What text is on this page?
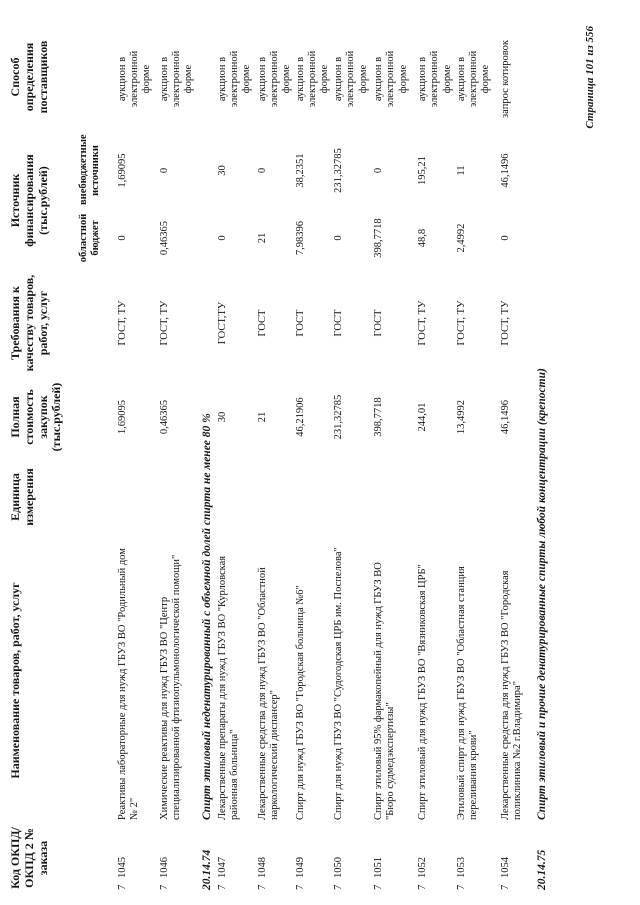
Код ОКПД/ ОКПД 2 № заказа	Наименование товаров, работ, услуг	Единица измерения	Полная стоимость закупок (тыс.рублей)	Требования к качеству товаров, работ, услуг	Источник финансирования (тыс.рублей)		Способ определения поставщиков
					областной бюджет	внебюджетные источники	
71045	Реактивы лабораторные для нужд ГБУЗ ВО "Родильный дом № 2"		1,69095	ГОСТ, ТУ	0	1,69095	аукцион в электронной форме
71046	Химические реактивы для нужд ГБУЗ ВО "Центр специализированной фтизиопульмонологической помощи"		0,46365	ГОСТ, ТУ	0,46365	0	аукцион в электронной форме
20.14.74	Спирт этиловый неденатурированный с объемной долей спирта не менее 80 %						
71047	Лекарственные препараты для нужд ГБУЗ ВО "Курловская районная больница"		30	ГОСТ,ТУ	0	30	аукцион в электронной форме
71048	Лекарственные средства для нужд ГБУЗ ВО "Областной наркологический диспансер"		21	ГОСТ	21	0	аукцион в электронной форме
71049	Спирт для нужд ГБУЗ ВО "Городская больница №6"		46,21906	ГОСТ	7,98396	38,2351	аукцион в электронной форме
71050	Спирт для нужд ГБУЗ ВО "Судогодская ЦРБ им. Поспелова"		231,32785	ГОСТ	0	231,32785	аукцион в электронной форме
71051	Спирт этиловый 95% фармакопейный для нужд ГБУЗ ВО "Бюро судмедэкспертизы"		398,7718	ГОСТ	398,7718	0	аукцион в электронной форме
71052	Спирт этиловый для нужд ГБУЗ ВО "Вязниковская ЦРБ"		244,01	ГОСТ, ТУ	48,8	195,21	аукцион в электронной форме
71053	Этиловый спирт для нужд ГБУЗ ВО "Областная станция переливания крови"		13,4992	ГОСТ, ТУ	2,4992	11	аукцион в электронной форме
71054	Лекарственные средства для нужд ГБУЗ ВО "Городская поликлиника №2 г.Владимира"		46,1496	ГОСТ, ТУ	0	46,1496	запрос котировок
20.14.75	Спирт этиловый и прочие денатурированные спирты любой концентрации (крепости)						
Страница 101 из 556
